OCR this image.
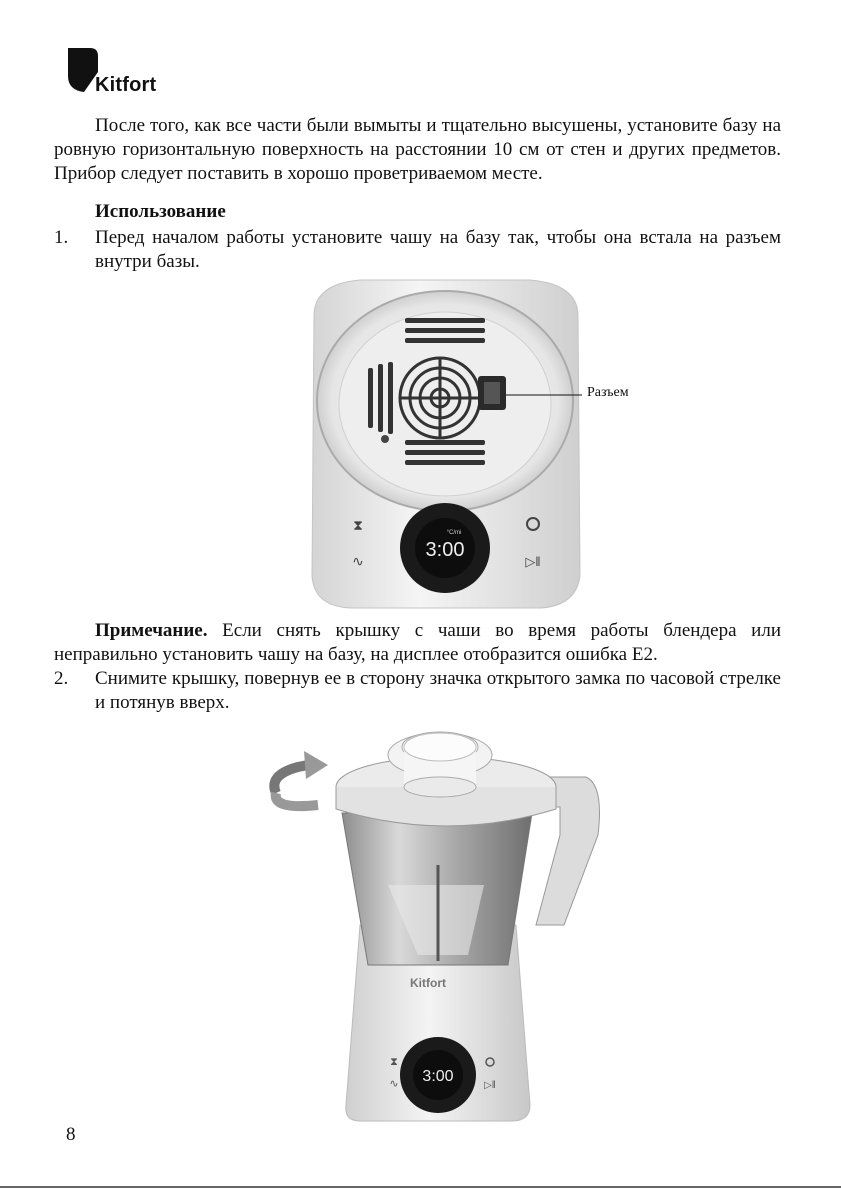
Kitfort
После того, как все части были вымыты и тщательно высушены, установите базу на ровную горизонтальную поверхность на расстоянии 10 см от стен и других предметов. Прибор следует поставить в хорошо проветриваемом месте.
Использование
1. Перед началом работы установите чашу на базу так, чтобы она встала на разъем внутри базы.
3:00
°C/mi
⧗
∿	▷‖
Разъем
Примечание. Если снять крышку с чаши во время работы блендера или неправильно установить чашу на базу, на дисплее отобразится ошибка E2.
2. Снимите крышку, повернув ее в сторону значка открытого замка по часовой стрелке и потянув вверх.
Kitfort
3:00
⧗
∿	▷‖
8
